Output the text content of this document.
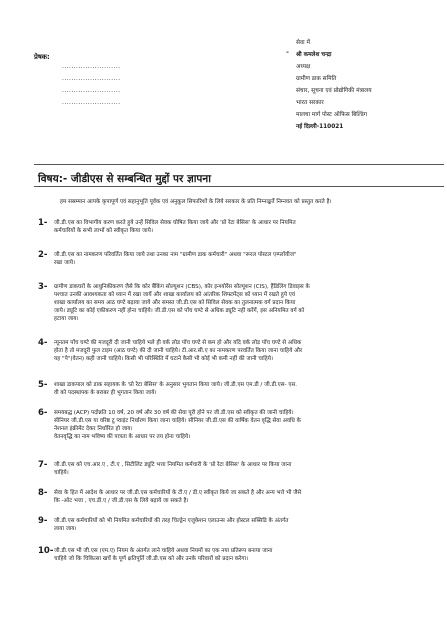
प्रेषक:
.........................
.........................
.........................
.........................
सेवा में
– श्री कमलेश चन्द्रा
अध्यक्ष
ग्रामीण डाक समिति
संचार, सूचना एवं प्रोद्योगिकी मंत्रालय
भारत सरकार
मालचा मार्ग पोस्ट ऑफिस बिल्डिंग
नई दिल्ली-110021
विषय:- जीडीएस से सम्बन्धित मुद्दों पर ज्ञापना
हम सस्रम्मान आपके कृपापूर्ण एवं सहानुभूति पूर्वक एवं अनुकूल सिफारिशों के लिये सरकार के प्रति निम्नाङ्कर्ते निम्नवत को प्रस्तुत करते है।
1- जी.डी.एस का विभागीय करण करते हुये उन्हें सिविल सेवक घोषित किया जाये और 'प्रो रेटा बेसिस' के आधार पर नियमित
कर्मचारियों के सभी लाभों को स्वीकृत किया जाये।
2- जी.डी.एस का नामकरण परिवर्तित किया जाये तथा उनका नाम "ग्रामीण डाक कर्मचारी" अथवा "रूरल पोस्टल एम्प्लॉयीज"
रखा जाये।
3- ग्रामीण डाकघरों के आधुनिकीकरण जैसे कि कोर बैंकिंग सोल्यूशन (CBS), कोर इन्श्योरेंस सोल्यूशन (CIS), हैंडिलिंग डिवाइस के
पश्चात उनकी आवश्यकता को ध्यान में रखा जायें और शाखा कार्यालय को आंतरिक शिफ्टमेंट्स को ध्यान में रखते हुये एवं
शाखा कार्यालय का समय आठ घण्टे बढ़ाया जाये और समस्त जी.डी.एस को सिविल सेवक का तुलनात्मक वर्ग प्रदान किया
जाये। ड्यूटि का कोई एकीकरण नहीं होना चाहिये। जी.डी.एस को पाँच घण्टे से अधिक ड्यूटि नहीं करेंगें, इस अनियमित वर्ग को
हटाया जाय।
4- न्यूनतम पाँच घण्टे की मजदूरी दी जानी चाहिये भले ही वर्क लोड पाँच घण्टे से कम हो और यदि वर्क लोड पाँच घण्टे से अधिक
होता है तो मजदूरी फुल टाइम (आठ घण्टे) की दी जानी चाहिये। टी.आर.सी.ए का नामकरण परवर्तित किया जाना चाहिये और
यह "पे"(वेतन) कही जानी चाहिये। किसी भी परिस्थिति में घटाने कैसी भी कोई भी कमी नहीं की जानी चाहिये।
5- शाखा डाकपाल को डाक सहायक के 'प्रो रेटा बेसिस' के अनुसार भुगतान किया जाये। जी.डी.एस एम.डी / जी.डी.एस- एस.
वी को पदस्थापक के बराबर ही भुगतान किया जाये।
6- समयबद्ध (ACP) पदोन्नति 10 वर्ष, 20 वर्ष और 30 वर्ष की सेवा पूरी होने पर जी.डी.एस को स्वीकृत की जानी चाहिये।
सीनियर जी.डी.एस या वरिष्ठ टू प्वाइंट निर्धारण किया जाना चाहिये। सीनियर जी.डी.एस की वार्षिक वेतन वृद्धि सेवा अवधि के
नेशनल इंक्रीमेंट देकर निर्धारित हो जाय।
वेतनवृद्धि का नाम भविष्य की पात्रता के आधार पर तय होना चाहिये।
7- जी.डी.एस को एच.आर.ए , टी.ए , सिटीलिंट ड्यूटि भत्ता नियमित कर्मचारी के 'प्रो रेटा बेसिस' के आधार पर किया जाना
चाहिये।
8- सेवा के हित में आदेश के आधार पर जी.डी.एस कर्मचारियों के टी.ए / डी.ए स्वीकृत किये जा सकते है और अन्य भत्ते भी जैसे
कि -ओट भत्ता , एच.डी.ए / जी.डी.एस के लिये बढ़ाये जा सकते है।
9- जी.डी.एस कर्मचारियों को भी नियमित कर्मचारियों की तरह चिल्ड्रेन एजुकेशन एलाउन्स और होस्टल सब्सिडि के अंतर्गत
लाया जाय।
10- जी.डी.एस भी जी.एस (एम.ए) नियम के अंतर्गत लाने चाहिये अथवा नियमों का एक नया प्रतिरूप बनाया जाना
चाहिये जो कि चिकित्सा खर्चे के पूर्ण क्षतिपूर्ति जी.डी.एस को और उनके परिवारों को प्रदान करेगा।
